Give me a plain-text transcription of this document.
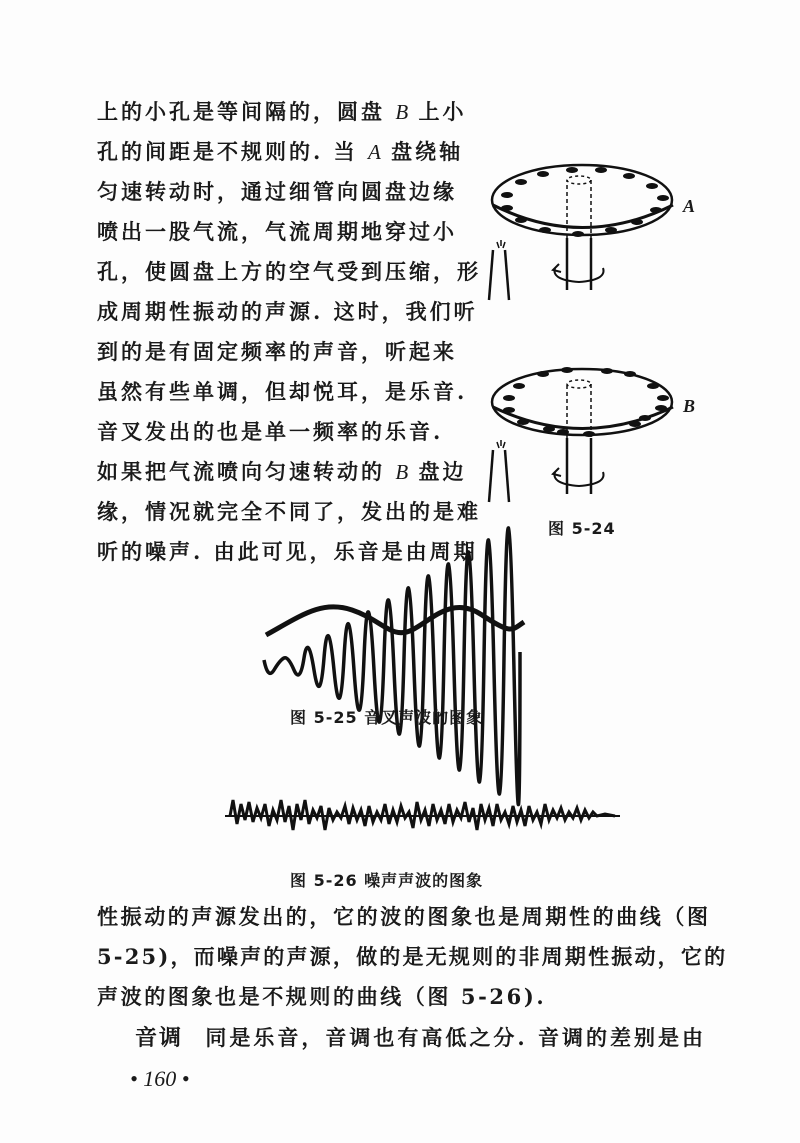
上的小孔是等间隔的，圆盘 B 上小
孔的间距是不规则的. 当 A 盘绕轴
匀速转动时，通过细管向圆盘边缘
喷出一股气流，气流周期地穿过小
孔，使圆盘上方的空气受到压缩，形
成周期性振动的声源. 这时，我们听
到的是有固定频率的声音，听起来
虽然有些单调，但却悦耳，是乐音.
音叉发出的也是单一频率的乐音.
如果把气流喷向匀速转动的 B 盘边
缘，情况就完全不同了，发出的是难
听的噪声. 由此可见，乐音是由周期
A
B
图 5-24
图 5-25 音叉声波的图象
图 5-26 噪声声波的图象
性振动的声源发出的，它的波的图象也是周期性的曲线（图
5-25)，而噪声的声源，做的是无规则的非周期性振动，它的
声波的图象也是不规则的曲线（图 5-26).
音调 同是乐音，音调也有高低之分. 音调的差别是由
• 160 •
